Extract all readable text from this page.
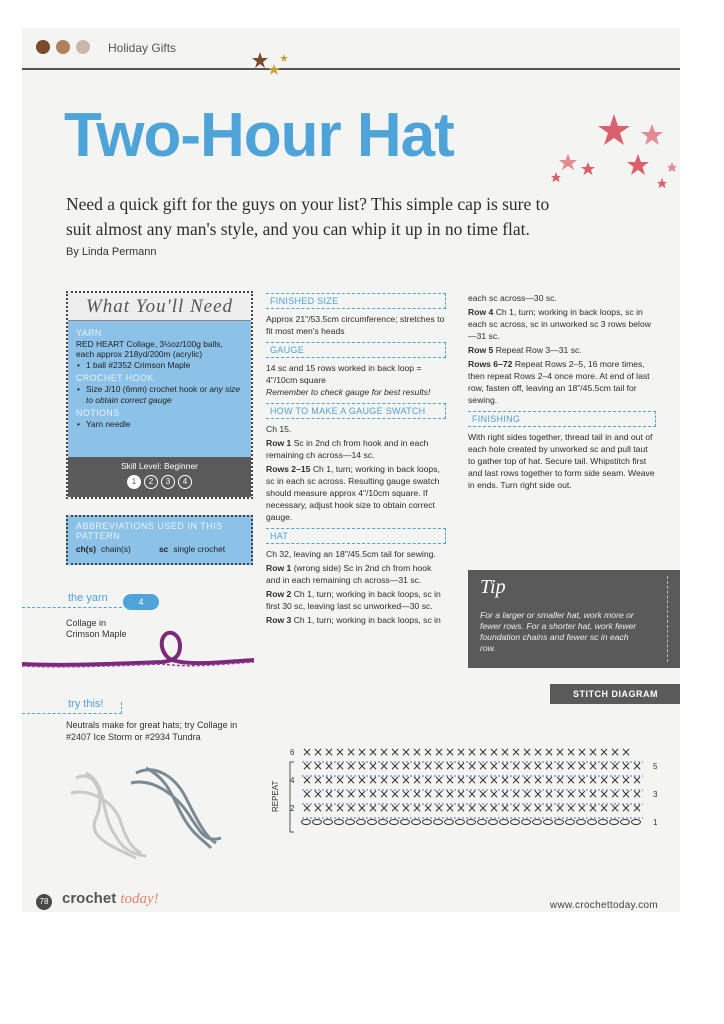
Holiday Gifts
Two-Hour Hat
Need a quick gift for the guys on your list? This simple cap is sure to suit almost any man's style, and you can whip it up in no time flat.
By Linda Permann
What You'll Need
YARN
RED HEART Collage, 3½oz/100g balls, each approx 218yd/200m (acrylic)
• 1 ball #2352 Crimson Maple
CROCHET HOOK
• Size J/10 (6mm) crochet hook or any size to obtain correct gauge
NOTIONS
• Yarn needle
Skill Level: Beginner
1	2	3	4
ABBREVIATIONS USED IN THIS PATTERN
ch(s) chain(s)	sc single crochet
the yarn	4
Collage in
Crimson Maple
try this!
Neutrals make for great hats; try Collage in #2407 Ice Storm or #2934 Tundra
FINISHED SIZE

Approx 21"/53.5cm circumference; stretches to fit most men's heads

GAUGE

14 sc and 15 rows worked in back loop = 4"/10cm square

Remember to check gauge for best results!

HOW TO MAKE A GAUGE SWATCH

Ch 15.

Row 1 Sc in 2nd ch from hook and in each remaining ch across—14 sc.

Rows 2–15 Ch 1, turn; working in back loops, sc in each sc across. Resulting gauge swatch should measure approx 4"/10cm square. If necessary, adjust hook size to obtain correct gauge.

HAT

Ch 32, leaving an 18"/45.5cm tail for sewing.

Row 1 (wrong side) Sc in 2nd ch from hook and in each remaining ch across—31 sc.

Row 2 Ch 1, turn; working in back loops, sc in first 30 sc, leaving last sc unworked—30 sc.

Row 3 Ch 1, turn; working in back loops, sc in

each sc across—30 sc.

Row 4 Ch 1, turn; working in back loops, sc in each sc across, sc in unworked sc 3 rows below—31 sc.

Row 5 Repeat Row 3—31 sc.

Rows 6–72 Repeat Rows 2–5, 16 more times, then repeat Rows 2–4 once more. At end of last row, fasten off, leaving an 18"/45.5cm tail for sewing.

FINISHING

With right sides together, thread tail in and out of each hole created by unworked sc and pull taut to gather top of hat. Secure tail. Whipstitch first and last rows together to form side seam. Weave in ends. Turn right side out.

Tip
For a larger or smaller hat, work more or fewer rows. For a shorter hat, work fewer foundation chains and fewer sc in each row.
STITCH DIAGRAM
REPEAT
× × × × × × × × × × × × × × × × × × × × × × × × × × × × × ×
6
× × × × × × × × × × × × × × × × × × × × × × × × × × × × × × × 5
× × × × × × × × × × × × × × × × × × × × × × × × × × × × × × ×
4
× × × × × × × × × × × × × × × × × × × × × × × × × × × × × × × 3
× × × × × × × × × × × × × × × × × × × × × × × × × × × × × × ×
2
1
78 crochet today!	www.crochettoday.com
